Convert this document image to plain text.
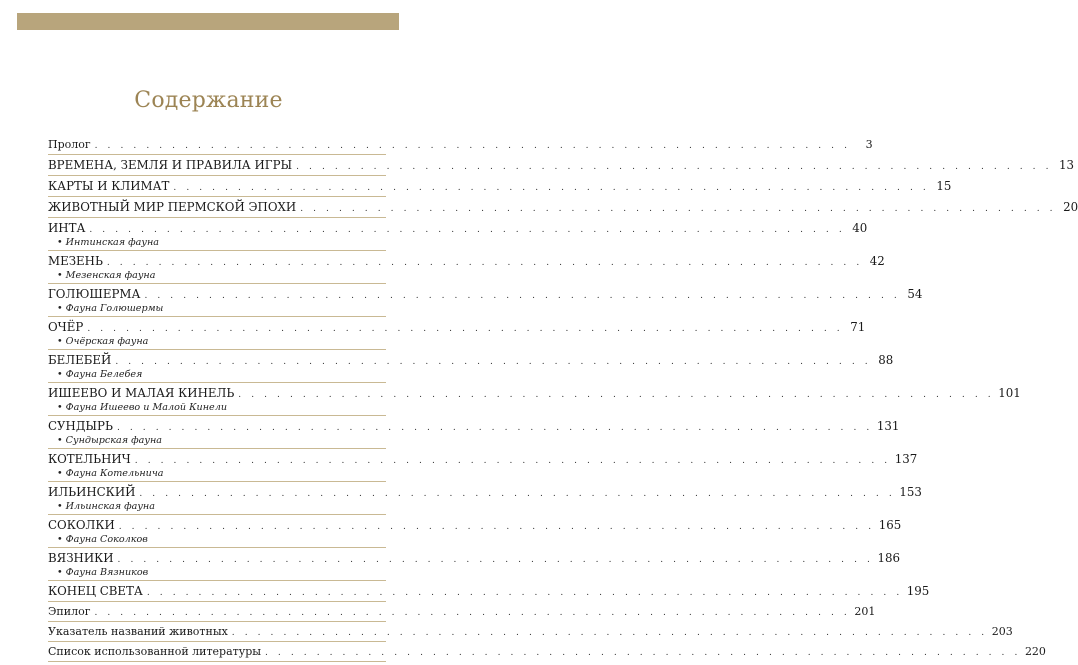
Содержание
Пролог . . . . . . . . . . . . . . . . . . . . . . . . . . . . . . . . . . . . . . . . . . . . . . . . . . . . . . . . . . .	3
ВРЕМЕНА, ЗЕМЛЯ И ПРАВИЛА ИГРЫ . . . . . . . . . . . . . . . . . . . . . . . . . . . . . . . . . . . . . . . . . . . . . . . . . . . . . . . . . . . 13
КАРТЫ И КЛИМАТ . . . . . . . . . . . . . . . . . . . . . . . . . . . . . . . . . . . . . . . . . . . . . . . . . . . . . . . . . . . 15
ЖИВОТНЫЙ МИР ПЕРМСКОЙ ЭПОХИ . . . . . . . . . . . . . . . . . . . . . . . . . . . . . . . . . . . . . . . . . . . . . . . . . . . . . . . . . . . 20
ИНТА . . . . . . . . . . . . . . . . . . . . . . . . . . . . . . . . . . . . . . . . . . . . . . . . . . . . . . . . . . . 40
• Интинская фауна
МЕЗЕНЬ . . . . . . . . . . . . . . . . . . . . . . . . . . . . . . . . . . . . . . . . . . . . . . . . . . . . . . . . . . . 42
• Мезенская фауна
ГОЛЮШЕРМА . . . . . . . . . . . . . . . . . . . . . . . . . . . . . . . . . . . . . . . . . . . . . . . . . . . . . . . . . . . 54
• Фауна Голюшермы
ОЧЁР . . . . . . . . . . . . . . . . . . . . . . . . . . . . . . . . . . . . . . . . . . . . . . . . . . . . . . . . . . . 71
• Очёрская фауна
БЕЛЕБЕЙ . . . . . . . . . . . . . . . . . . . . . . . . . . . . . . . . . . . . . . . . . . . . . . . . . . . . . . . . . . . 88
• Фауна Белебея
ИШЕЕВО И МАЛАЯ КИНЕЛЬ . . . . . . . . . . . . . . . . . . . . . . . . . . . . . . . . . . . . . . . . . . . . . . . . . . . . . . . . . . . 101
• Фауна Ишеево и Малой Кинели
СУНДЫРЬ . . . . . . . . . . . . . . . . . . . . . . . . . . . . . . . . . . . . . . . . . . . . . . . . . . . . . . . . . . . 131
• Сундырская фауна
КОТЕЛЬНИЧ . . . . . . . . . . . . . . . . . . . . . . . . . . . . . . . . . . . . . . . . . . . . . . . . . . . . . . . . . . . 137
• Фауна Котельнича
ИЛЬИНСКИЙ . . . . . . . . . . . . . . . . . . . . . . . . . . . . . . . . . . . . . . . . . . . . . . . . . . . . . . . . . . . 153
• Ильинская фауна
СОКОЛКИ . . . . . . . . . . . . . . . . . . . . . . . . . . . . . . . . . . . . . . . . . . . . . . . . . . . . . . . . . . . 165
• Фауна Соколков
ВЯЗНИКИ . . . . . . . . . . . . . . . . . . . . . . . . . . . . . . . . . . . . . . . . . . . . . . . . . . . . . . . . . . . 186
• Фауна Вязников
КОНЕЦ СВЕТА . . . . . . . . . . . . . . . . . . . . . . . . . . . . . . . . . . . . . . . . . . . . . . . . . . . . . . . . . . . 195
Эпилог . . . . . . . . . . . . . . . . . . . . . . . . . . . . . . . . . . . . . . . . . . . . . . . . . . . . . . . . . . . 201
Указатель названий животных . . . . . . . . . . . . . . . . . . . . . . . . . . . . . . . . . . . . . . . . . . . . . . . . . . . . . . . . . . . 203
Список использованной литературы . . . . . . . . . . . . . . . . . . . . . . . . . . . . . . . . . . . . . . . . . . . . . . . . . . . . . . . . . . . 220
